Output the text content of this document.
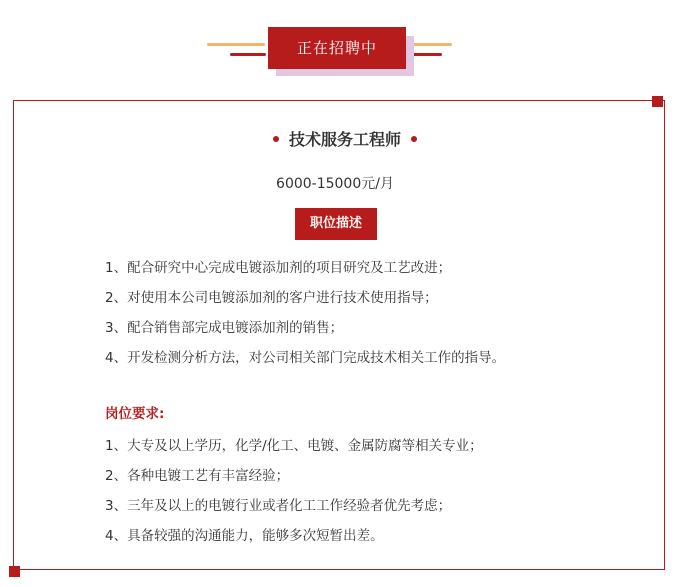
正在招聘中
技术服务工程师
6000-15000元/月
职位描述
1、配合研究中心完成电镀添加剂的项目研究及工艺改进；
2、对使用本公司电镀添加剂的客户进行技术使用指导；
3、配合销售部完成电镀添加剂的销售；
4、开发检测分析方法，对公司相关部门完成技术相关工作的指导。
岗位要求:
1、大专及以上学历，化学/化工、电镀、金属防腐等相关专业；
2、各种电镀工艺有丰富经验；
3、三年及以上的电镀行业或者化工工作经验者优先考虑；
4、具备较强的沟通能力，能够多次短暂出差。
